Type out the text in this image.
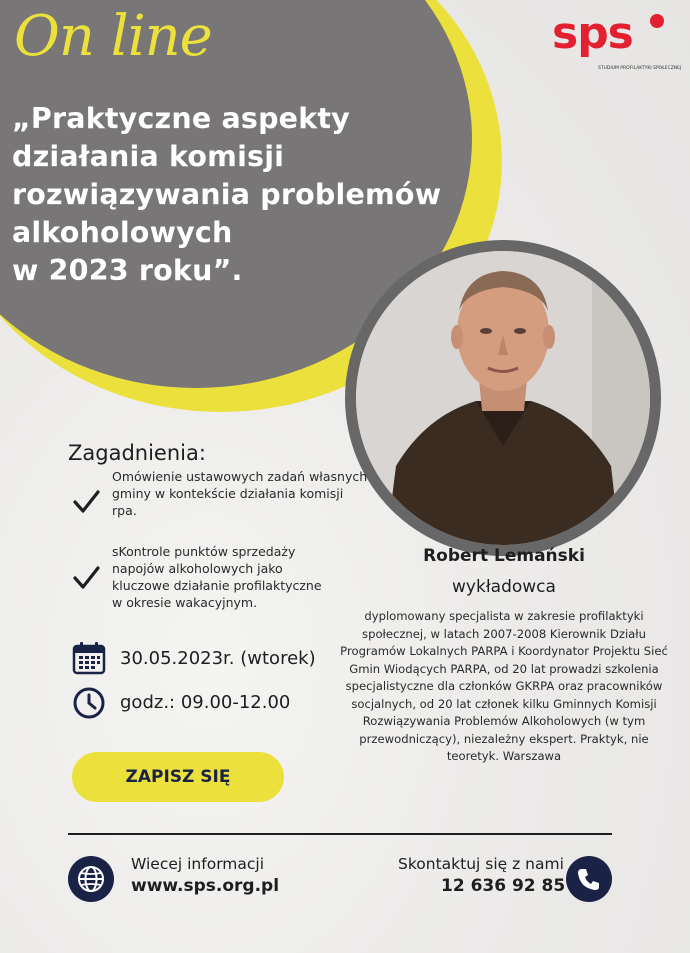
On line
„Praktyczne aspekty
działania komisji
rozwiązywania problemów
alkoholowych
w 2023 roku”.
sps
STUDIUM PROFILAKTYKI SPOŁECZNEJ
Zagadnienia:
Omówienie ustawowych zadań własnych gminy w kontekście działania komisji rpa.
sKontrole punktów sprzedaży napojów alkoholowych jako kluczowe działanie profilaktyczne w okresie wakacyjnym.
30.05.2023r. (wtorek)
godz.: 09.00-12.00
ZAPISZ SIĘ
Robert Lemański
wykładowca
dyplomowany specjalista w zakresie profilaktyki społecznej, w latach 2007-2008 Kierownik Działu Programów Lokalnych PARPA i Koordynator Projektu Sieć Gmin Wiodących PARPA, od 20 lat prowadzi szkolenia specjalistyczne dla członków GKRPA oraz pracowników socjalnych, od 20 lat członek kilku Gminnych Komisji Rozwiązywania Problemów Alkoholowych (w tym przewodniczący), niezależny ekspert. Praktyk, nie teoretyk. Warszawa
Wiecej informacji
www.sps.org.pl
Skontaktuj się z nami
12 636 92 85
